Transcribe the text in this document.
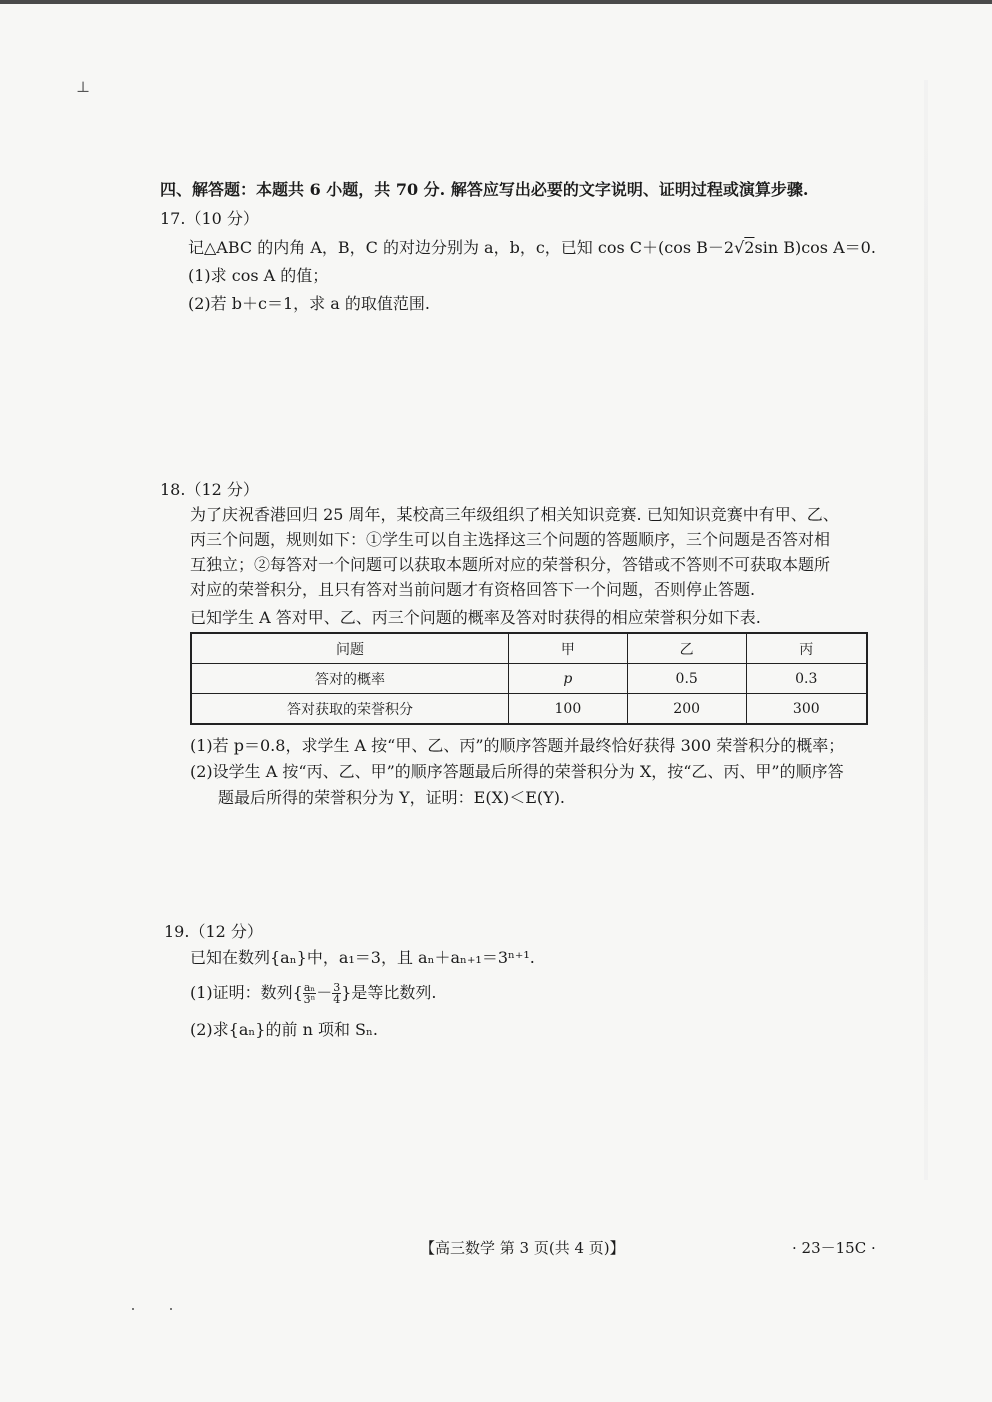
⊥
四、解答题：本题共 6 小题，共 70 分. 解答应写出必要的文字说明、证明过程或演算步骤.
17.（10 分）
记△ABC 的内角 A，B，C 的对边分别为 a，b，c，已知 cos C＋(cos B－2√2sin B)cos A＝0.
(1)求 cos A 的值；
(2)若 b＋c＝1，求 a 的取值范围.
18.（12 分）
为了庆祝香港回归 25 周年，某校高三年级组织了相关知识竞赛. 已知知识竞赛中有甲、乙、
丙三个问题，规则如下：①学生可以自主选择这三个问题的答题顺序，三个问题是否答对相
互独立；②每答对一个问题可以获取本题所对应的荣誉积分，答错或不答则不可获取本题所
对应的荣誉积分，且只有答对当前问题才有资格回答下一个问题，否则停止答题.
已知学生 A 答对甲、乙、丙三个问题的概率及答对时获得的相应荣誉积分如下表.
问题	甲	乙	丙
答对的概率	p	0.5	0.3
答对获取的荣誉积分	100	200	300
(1)若 p＝0.8，求学生 A 按“甲、乙、丙”的顺序答题并最终恰好获得 300 荣誉积分的概率；
(2)设学生 A 按“丙、乙、甲”的顺序答题最后所得的荣誉积分为 X，按“乙、丙、甲”的顺序答
题最后所得的荣誉积分为 Y，证明：E(X)＜E(Y).
19.（12 分）
已知在数列{aₙ}中，a₁＝3，且 aₙ＋aₙ₊₁＝3ⁿ⁺¹.
(1)证明：数列{ $\frac{\text{aₙ}}{\text{3ⁿ}} - \frac{3}{4}$ }是等比数列.
(2)求{aₙ}的前 n 项和 Sₙ.
【高三数学 第 3 页(共 4 页)】	· 23－15C ·
